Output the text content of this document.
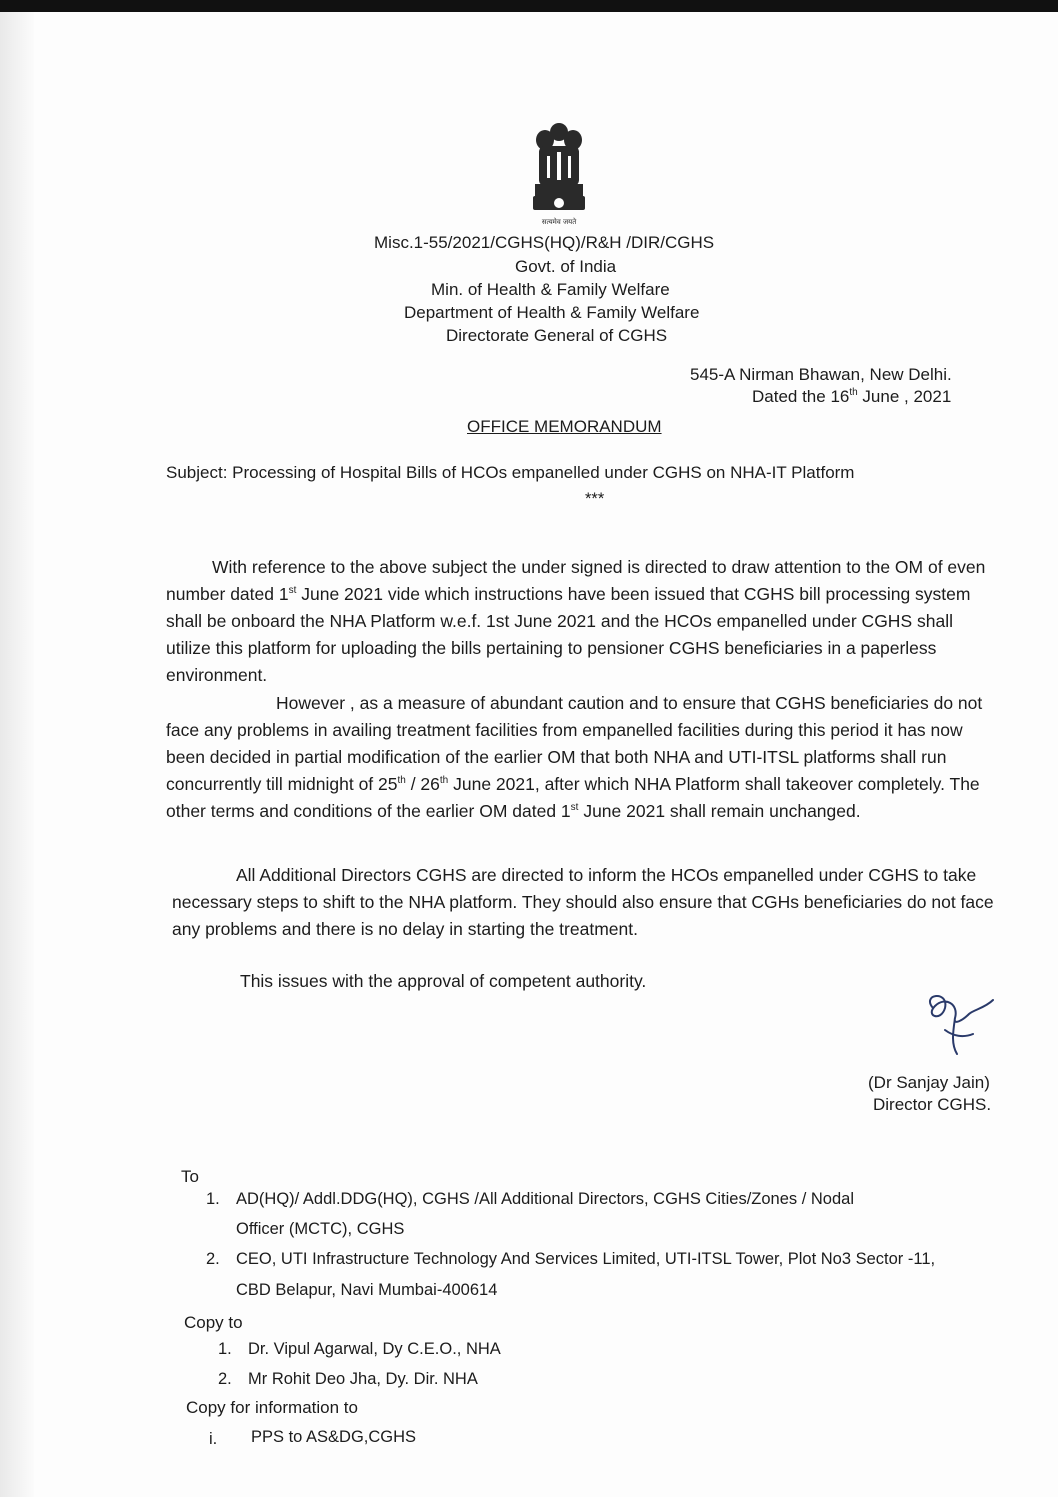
सत्यमेव जयते
Misc.1-55/2021/CGHS(HQ)/R&H /DIR/CGHS
Govt. of India
Min. of Health & Family Welfare
Department of Health & Family Welfare
Directorate General of CGHS
545-A Nirman Bhawan, New Delhi.
Dated the 16th June , 2021
OFFICE MEMORANDUM
Subject: Processing of Hospital Bills of HCOs empanelled under CGHS on NHA-IT Platform
***
With reference to the above subject the under signed is directed to draw attention to the OM of even number dated 1st June 2021 vide which instructions have been issued that CGHS bill processing system shall be onboard the NHA Platform w.e.f. 1st June 2021 and the HCOs empanelled under CGHS shall utilize this platform for uploading the bills pertaining to pensioner CGHS beneficiaries in a paperless environment.
However , as a measure of abundant caution and to ensure that CGHS beneficiaries do not face any problems in availing treatment facilities from empanelled facilities during this period it has now been decided in partial modification of the earlier OM that both NHA and UTI-ITSL platforms shall run concurrently till midnight of 25th / 26th June 2021, after which NHA Platform shall takeover completely. The other terms and conditions of the earlier OM dated 1st June 2021 shall remain unchanged.
All Additional Directors CGHS are directed to inform the HCOs empanelled under CGHS to take necessary steps to shift to the NHA platform. They should also ensure that CGHs beneficiaries do not face any problems and there is no delay in starting the treatment.
This issues with the approval of competent authority.
(Dr Sanjay Jain)
Director CGHS.
To
1. AD(HQ)/ Addl.DDG(HQ), CGHS /All Additional Directors, CGHS Cities/Zones / Nodal
Officer (MCTC), CGHS
2. CEO, UTI Infrastructure Technology And Services Limited, UTI-ITSL Tower, Plot No3 Sector -11,
CBD Belapur, Navi Mumbai-400614
Copy to
1. Dr. Vipul Agarwal, Dy C.E.O., NHA
2. Mr Rohit Deo Jha, Dy. Dir. NHA
Copy for information to
i. PPS to AS&DG,CGHS
